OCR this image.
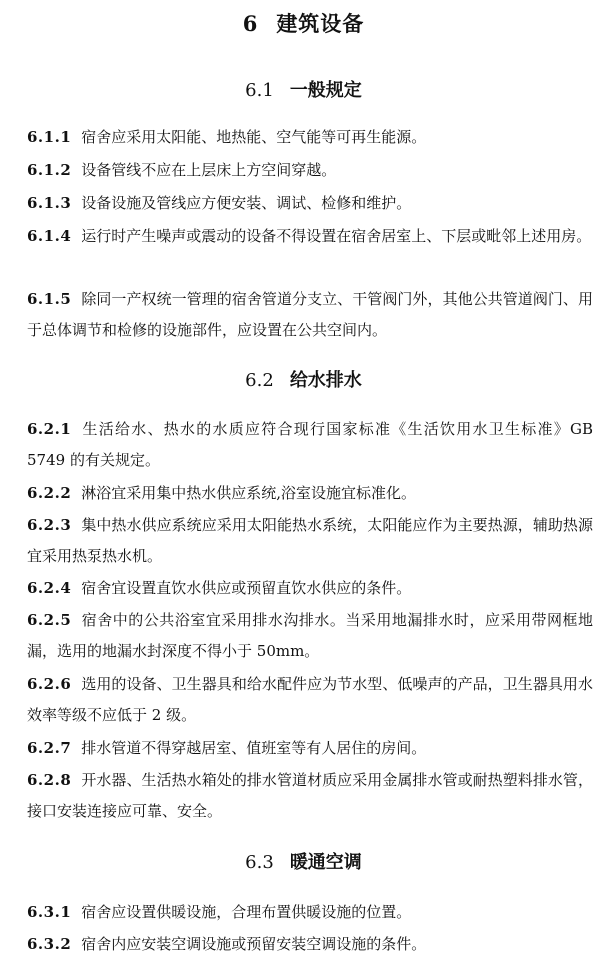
6 建筑设备
6.1 一般规定
6.1.1 宿舍应采用太阳能、地热能、空气能等可再生能源。
6.1.2 设备管线不应在上层床上方空间穿越。
6.1.3 设备设施及管线应方便安装、调试、检修和维护。
6.1.4 运行时产生噪声或震动的设备不得设置在宿舍居室上、下层或毗邻上述用房。
6.1.5 除同一产权统一管理的宿舍管道分支立、干管阀门外，其他公共管道阀门、用于总体调节和检修的设施部件，应设置在公共空间内。
6.2 给水排水
6.2.1 生活给水、热水的水质应符合现行国家标准《生活饮用水卫生标准》GB 5749 的有关规定。
6.2.2 淋浴宜采用集中热水供应系统,浴室设施宜标准化。
6.2.3 集中热水供应系统应采用太阳能热水系统，太阳能应作为主要热源，辅助热源宜采用热泵热水机。
6.2.4 宿舍宜设置直饮水供应或预留直饮水供应的条件。
6.2.5 宿舍中的公共浴室宜采用排水沟排水。当采用地漏排水时，应采用带网框地漏，选用的地漏水封深度不得小于 50mm。
6.2.6 选用的设备、卫生器具和给水配件应为节水型、低噪声的产品，卫生器具用水效率等级不应低于 2 级。
6.2.7 排水管道不得穿越居室、值班室等有人居住的房间。
6.2.8 开水器、生活热水箱处的排水管道材质应采用金属排水管或耐热塑料排水管，接口安装连接应可靠、安全。
6.3 暖通空调
6.3.1 宿舍应设置供暖设施，合理布置供暖设施的位置。
6.3.2 宿舍内应安装空调设施或预留安装空调设施的条件。
